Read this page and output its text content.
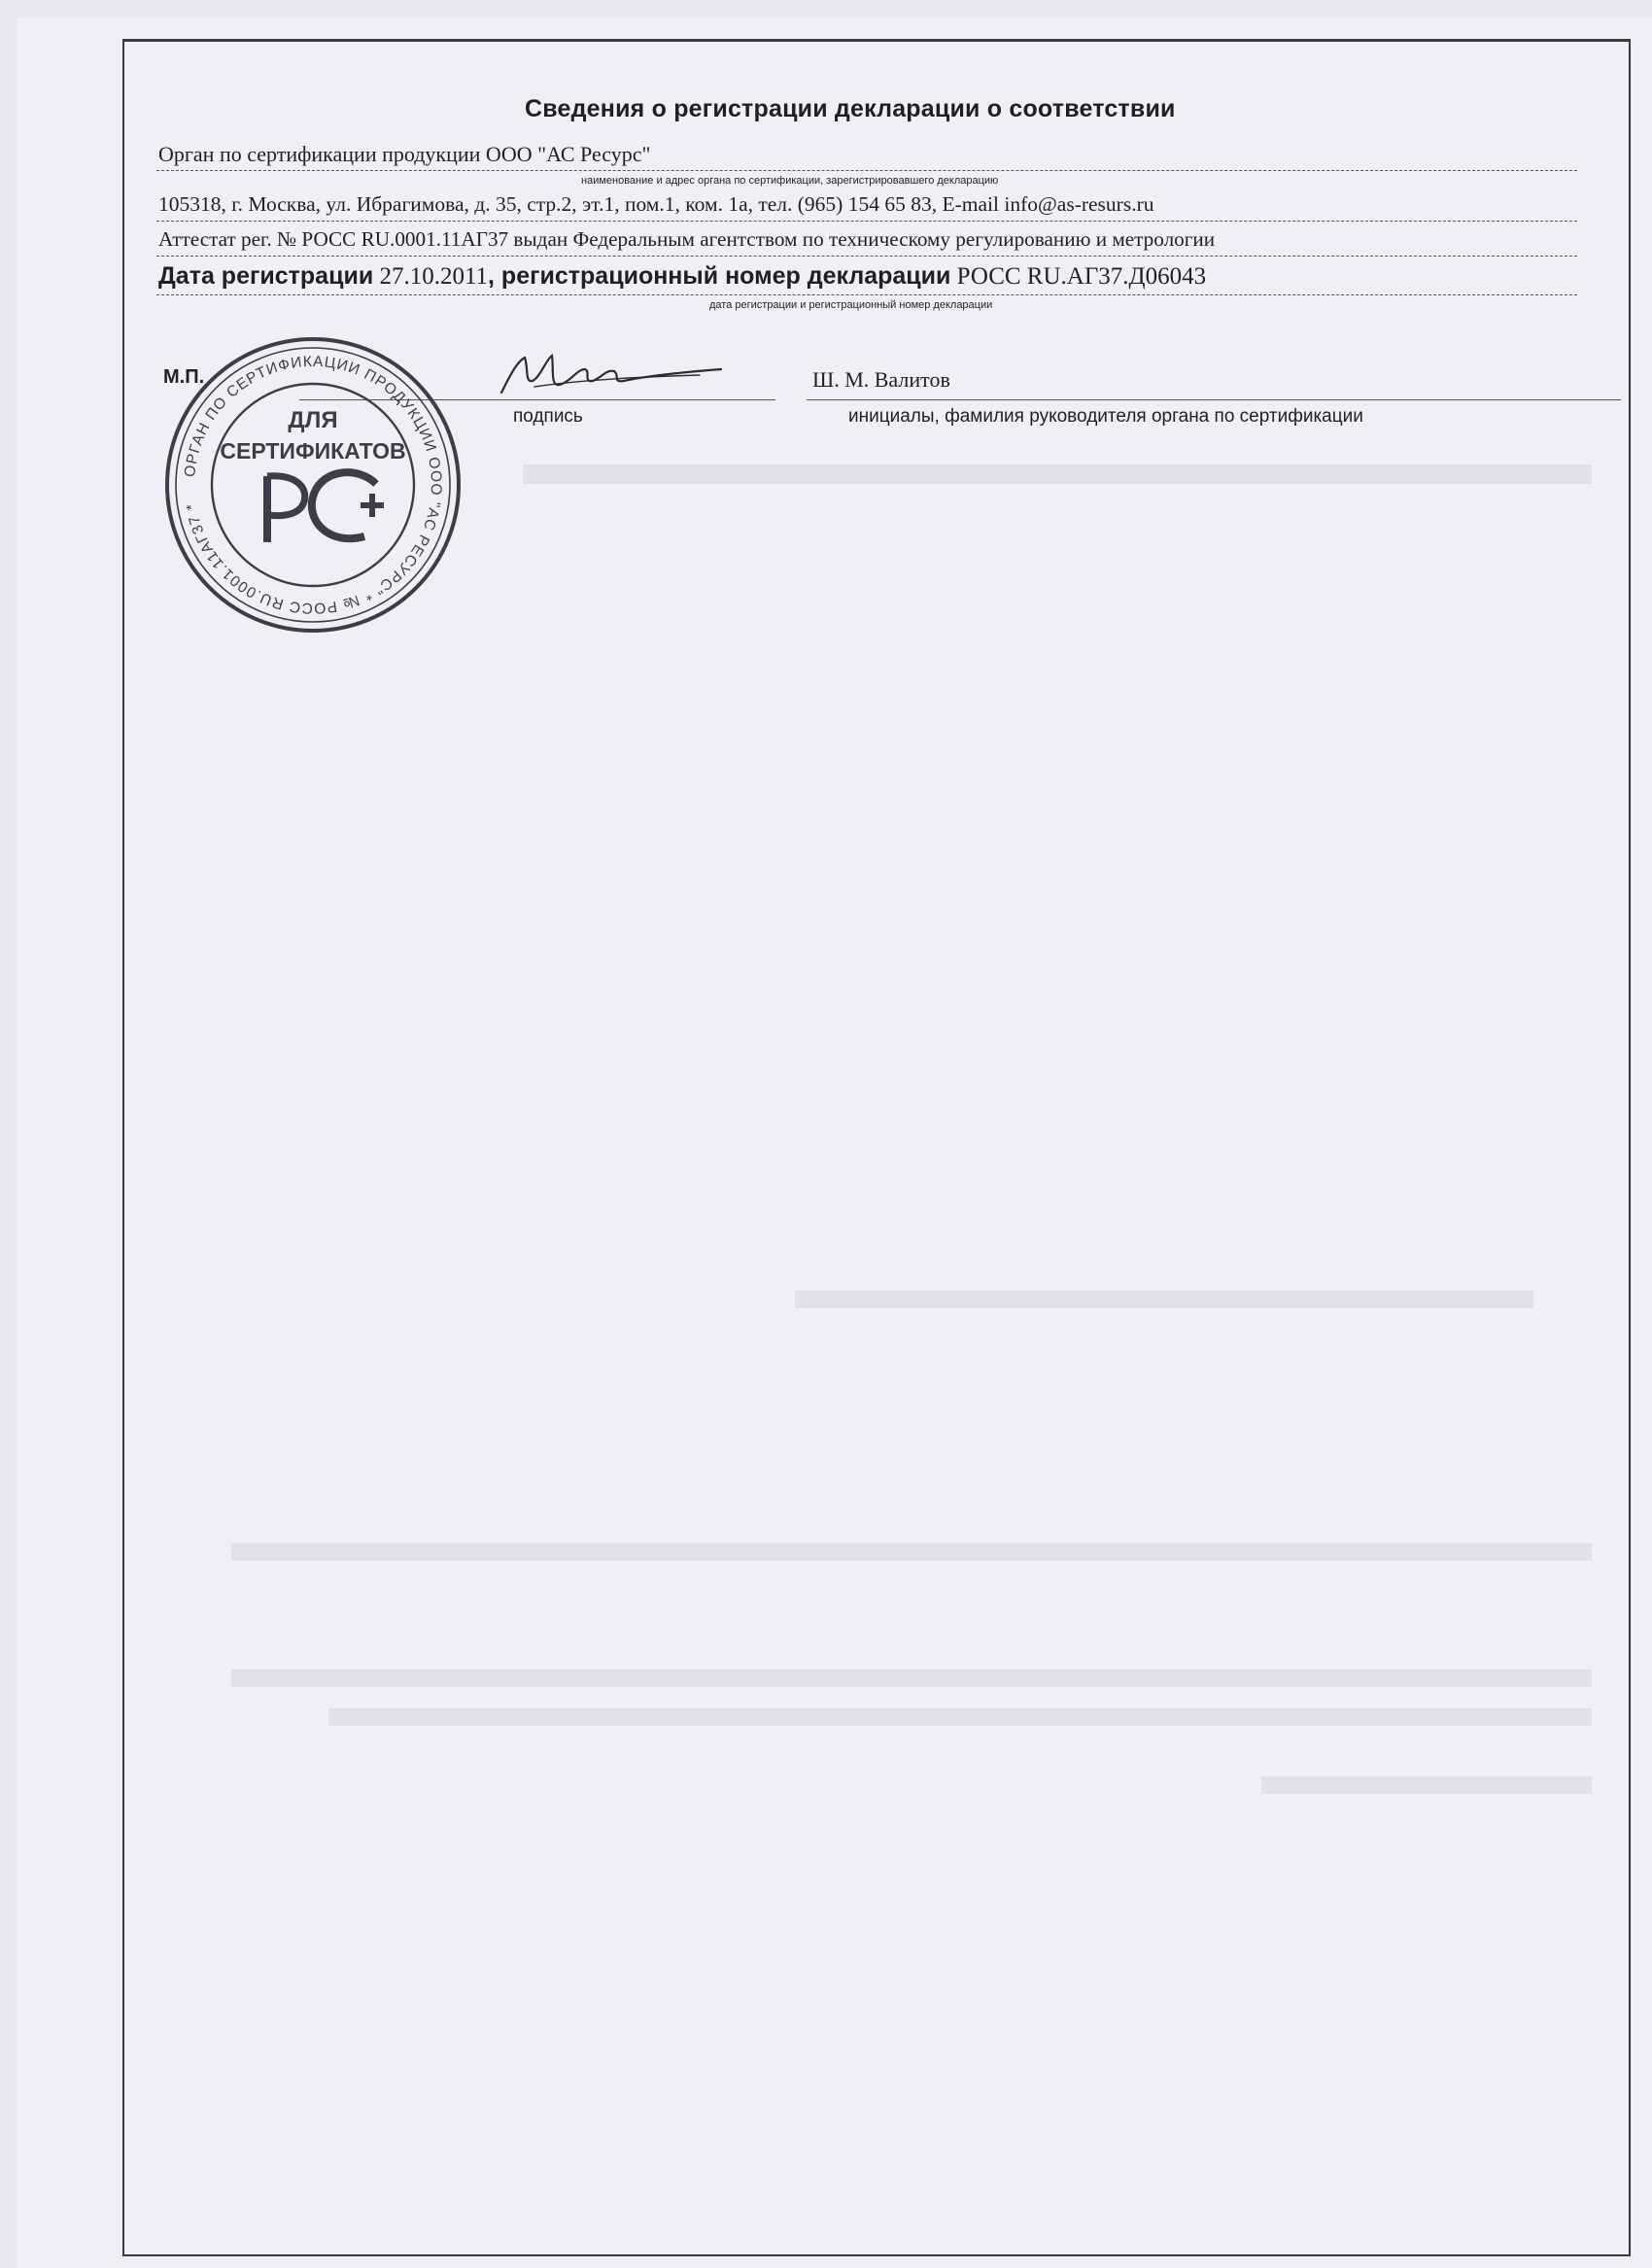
Сведения о регистрации декларации о соответствии
Орган по сертификации продукции ООО "АС Ресурс"
наименование и адрес органа по сертификации, зарегистрировавшего декларацию
105318, г. Москва, ул. Ибрагимова, д. 35, стр.2, эт.1, пом.1, ком. 1а, тел. (965) 154 65 83, E-mail info@as-resurs.ru
Аттестат рег. № РОСС RU.0001.11АГ37 выдан Федеральным агентством по техническому регулированию и метрологии
Дата регистрации 27.10.2011, регистрационный номер декларации РОСС RU.АГ37.Д06043
дата регистрации и регистрационный номер декларации
М.П.
подпись
Ш. М. Валитов
инициалы, фамилия руководителя органа по сертификации
ОРГАН ПО СЕРТИФИКАЦИИ ПРОДУКЦИИ ООО "АС РЕСУРС" * № РОСС RU.0001.11АГ37 *
ДЛЯ
СЕРТИФИКАТОВ
